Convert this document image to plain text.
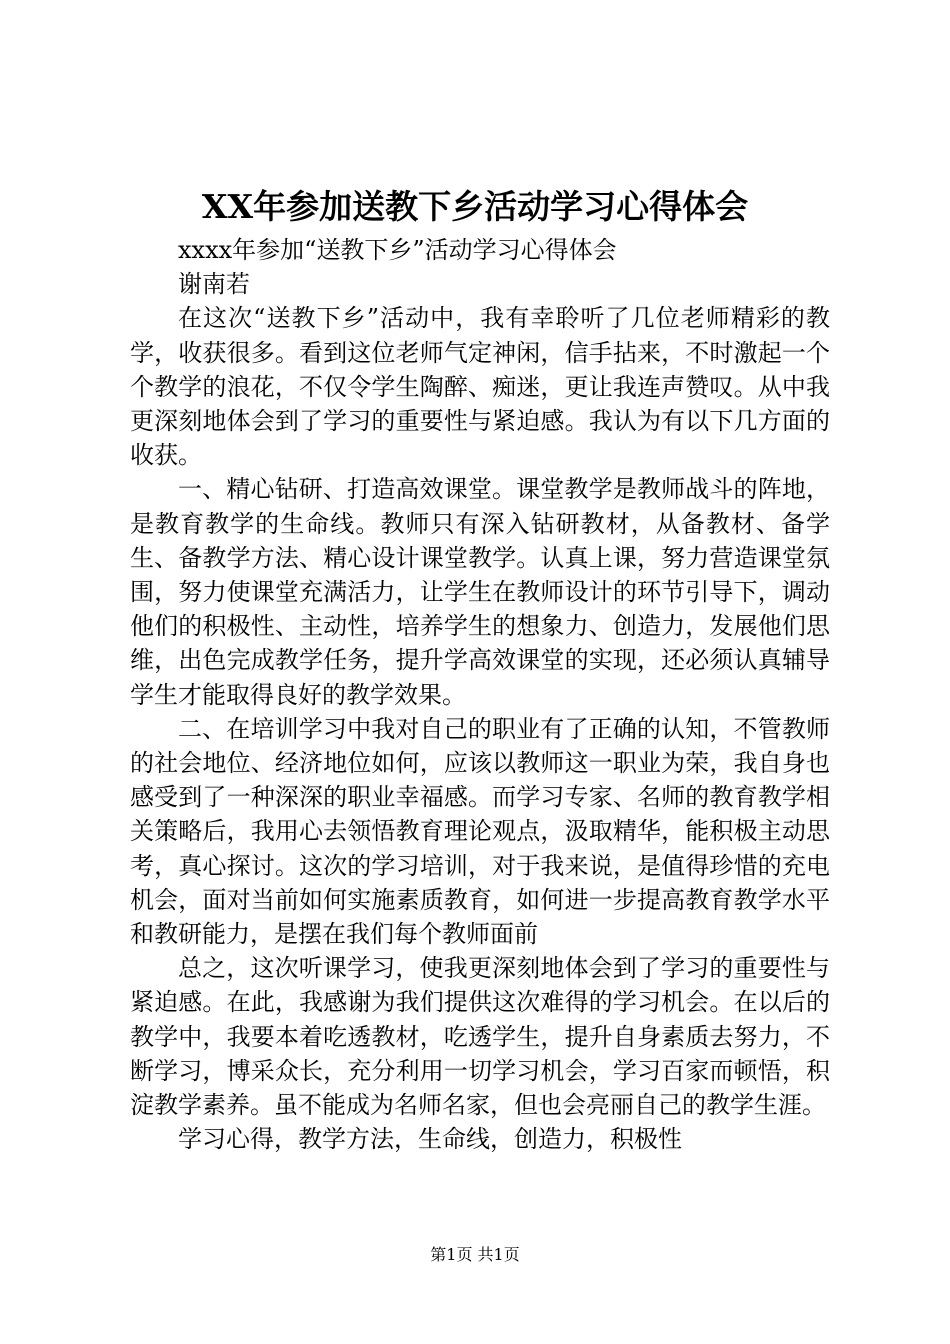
XX年参加送教下乡活动学习心得体会

xxxx年参加“送教下乡”活动学习心得体会

谢南若

在这次“送教下乡”活动中，我有幸聆听了几位老师精彩的教学，收获很多。看到这位老师气定神闲，信手拈来，不时激起一个个教学的浪花，不仅令学生陶醉、痴迷，更让我连声赞叹。从中我更深刻地体会到了学习的重要性与紧迫感。我认为有以下几方面的收获。

一、精心钻研、打造高效课堂。课堂教学是教师战斗的阵地，是教育教学的生命线。教师只有深入钻研教材，从备教材、备学生、备教学方法、精心设计课堂教学。认真上课，努力营造课堂氛围，努力使课堂充满活力，让学生在教师设计的环节引导下，调动他们的积极性、主动性，培养学生的想象力、创造力，发展他们思维，出色完成教学任务，提升学高效课堂的实现，还必须认真辅导学生才能取得良好的教学效果。

二、在培训学习中我对自己的职业有了正确的认知，不管教师的社会地位、经济地位如何，应该以教师这一职业为荣，我自身也感受到了一种深深的职业幸福感。而学习专家、名师的教育教学相关策略后，我用心去领悟教育理论观点，汲取精华，能积极主动思考，真心探讨。这次的学习培训，对于我来说，是值得珍惜的充电机会，面对当前如何实施素质教育，如何进一步提高教育教学水平和教研能力，是摆在我们每个教师面前

总之，这次听课学习，使我更深刻地体会到了学习的重要性与紧迫感。在此，我感谢为我们提供这次难得的学习机会。在以后的教学中，我要本着吃透教材，吃透学生，提升自身素质去努力，不断学习，博采众长，充分利用一切学习机会，学习百家而顿悟，积淀教学素养。虽不能成为名师名家，但也会亮丽自己的教学生涯。

学习心得，教学方法，生命线，创造力，积极性

第1页 共1页
